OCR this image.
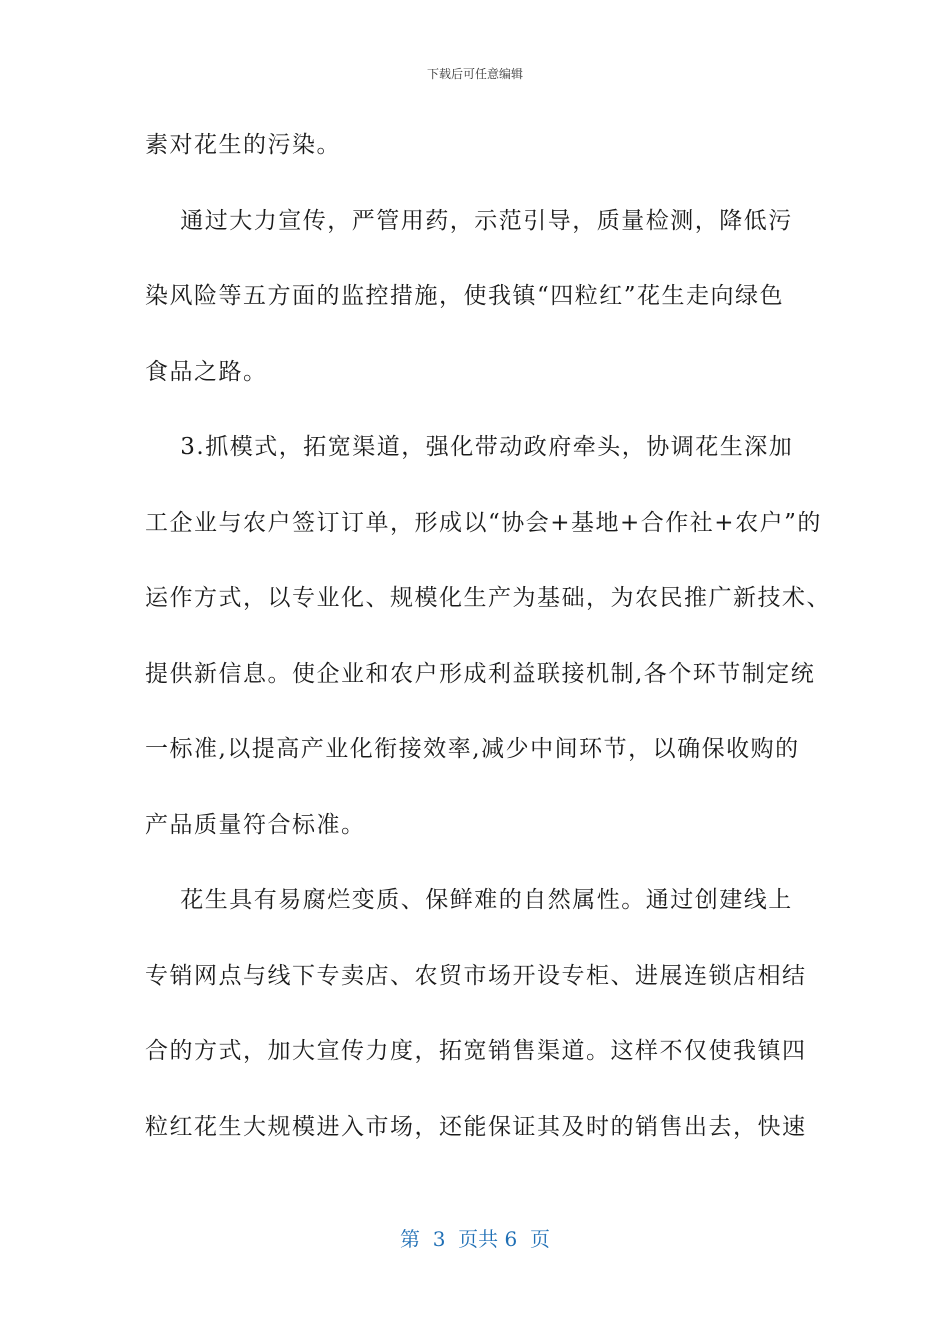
下载后可任意编辑
素对花生的污染。
通过大力宣传，严管用药，示范引导，质量检测，降低污
染风险等五方面的监控措施，使我镇“四粒红”花生走向绿色
食品之路。
3.抓模式，拓宽渠道，强化带动政府牵头，协调花生深加
工企业与农户签订订单，形成以“协会+基地+合作社+农户”的
运作方式，以专业化、规模化生产为基础，为农民推广新技术、
提供新信息。使企业和农户形成利益联接机制,各个环节制定统
一标准,以提高产业化衔接效率,减少中间环节，以确保收购的
产品质量符合标准。
花生具有易腐烂变质、保鲜难的自然属性。通过创建线上
专销网点与线下专卖店、农贸市场开设专柜、进展连锁店相结
合的方式，加大宣传力度，拓宽销售渠道。这样不仅使我镇四
粒红花生大规模进入市场，还能保证其及时的销售出去，快速
第  3  页共 6  页
